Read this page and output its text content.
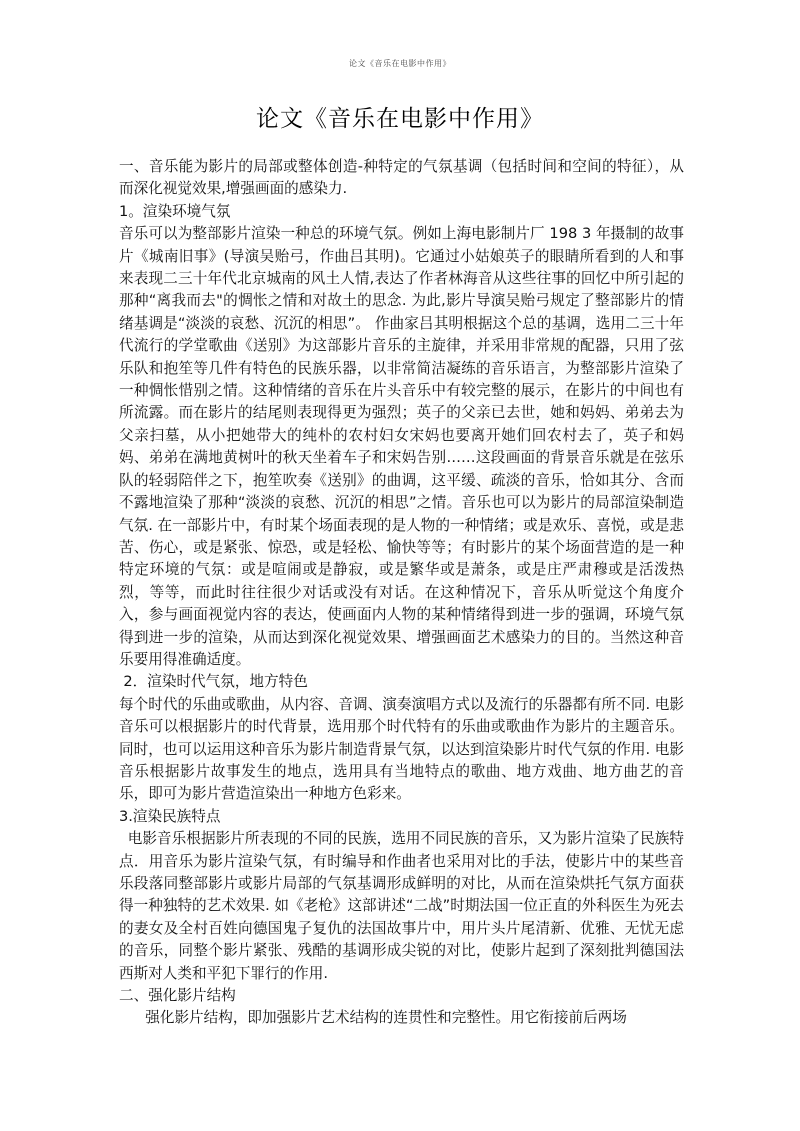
论文《音乐在电影中作用》
论文《音乐在电影中作用》

一、音乐能为影片的局部或整体创造-种特定的气氛基调（包括时间和空间的特征），从而深化视觉效果,增强画面的感染力.

1。渲染环境气氛

音乐可以为整部影片渲染一种总的环境气氛。例如上海电影制片厂 198 3 年摄制的故事片《城南旧事》(导演吴贻弓，作曲吕其明)。它通过小姑娘英子的眼睛所看到的人和事来表现二三十年代北京城南的风土人情,表达了作者林海音从这些往事的回忆中所引起的那种“离我而去"的惆怅之情和对故土的思念. 为此,影片导演吴贻弓规定了整部影片的情绪基调是“淡淡的哀愁、沉沉的相思”。 作曲家吕其明根据这个总的基调，选用二三十年代流行的学堂歌曲《送别》为这部影片音乐的主旋律，并采用非常规的配器，只用了弦乐队和抱笙等几件有特色的民族乐器，以非常简洁凝练的音乐语言，为整部影片渲染了一种惆怅惜别之情。这种情绪的音乐在片头音乐中有较完整的展示，在影片的中间也有所流露。而在影片的结尾则表现得更为强烈；英子的父亲已去世，她和妈妈、弟弟去为父亲扫墓，从小把她带大的纯朴的农村妇女宋妈也要离开她们回农村去了，英子和妈妈、弟弟在满地黄树叶的秋天坐着车子和宋妈告别……这段画面的背景音乐就是在弦乐队的轻弱陪伴之下，抱笙吹奏《送别》的曲调，这平缓、疏淡的音乐，恰如其分、含而不露地渲染了那种“淡淡的哀愁、沉沉的相思”之情。音乐也可以为影片的局部渲染制造气氛. 在一部影片中，有时某个场面表现的是人物的一种情绪；或是欢乐、喜悦，或是悲苦、伤心，或是紧张、惊恐，或是轻松、愉快等等；有时影片的某个场面营造的是一种特定环境的气氛：或是喧闹或是静寂，或是繁华或是萧条，或是庄严肃穆或是活泼热烈，等等，而此时往往很少对话或没有对话。在这种情况下，音乐从听觉这个角度介入，参与画面视觉内容的表达，使画面内人物的某种情绪得到进一步的强调，环境气氛得到进一步的渲染，从而达到深化视觉效果、增强画面艺术感染力的目的。当然这种音乐要用得准确适度。

2．渲染时代气氛，地方特色

每个时代的乐曲或歌曲，从内容、音调、演奏演唱方式以及流行的乐器都有所不同. 电影音乐可以根据影片的时代背景，选用那个时代特有的乐曲或歌曲作为影片的主题音乐。同时，也可以运用这种音乐为影片制造背景气氛，以达到渲染影片时代气氛的作用. 电影音乐根据影片故事发生的地点，选用具有当地特点的歌曲、地方戏曲、地方曲艺的音乐，即可为影片营造渲染出一种地方色彩来。

3.渲染民族特点

电影音乐根据影片所表现的不同的民族，选用不同民族的音乐，又为影片渲染了民族特点．用音乐为影片渲染气氛，有时编导和作曲者也采用对比的手法，使影片中的某些音乐段落同整部影片或影片局部的气氛基调形成鲜明的对比，从而在渲染烘托气氛方面获得一种独特的艺术效果. 如《老枪》这部讲述“二战”时期法国一位正直的外科医生为死去的妻女及全村百姓向德国鬼子复仇的法国故事片中，用片头片尾清新、优雅、无忧无虑的音乐，同整个影片紧张、残酷的基调形成尖锐的对比，使影片起到了深刻批判德国法西斯对人类和平犯下罪行的作用.

二、强化影片结构

强化影片结构，即加强影片艺术结构的连贯性和完整性。用它衔接前后两场
